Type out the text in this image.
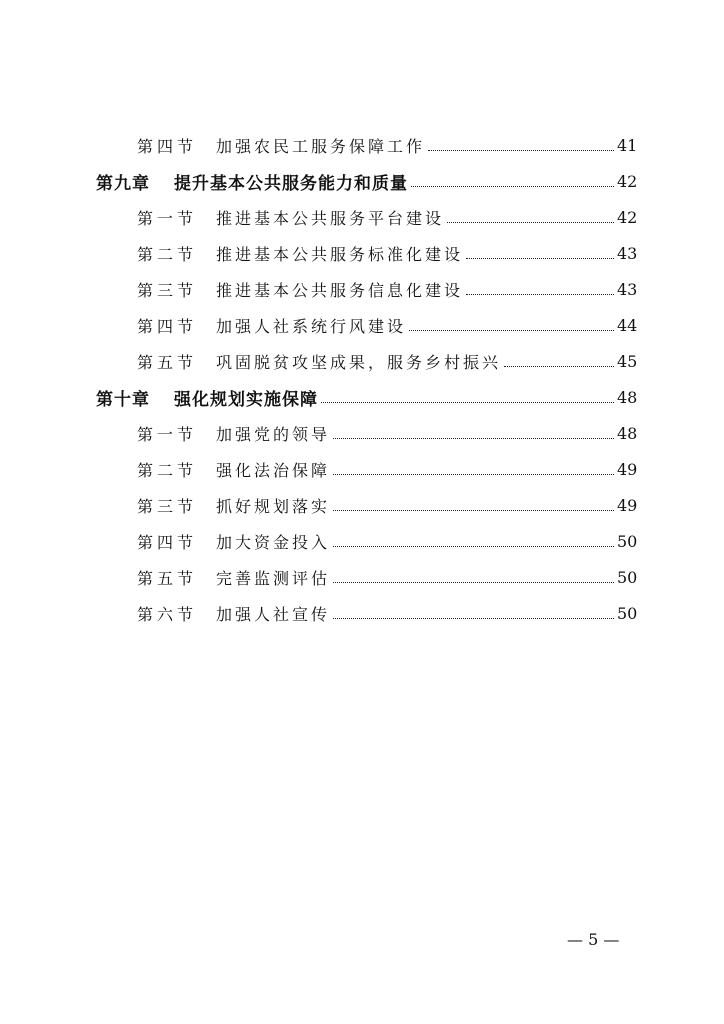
第四节	加强农民工服务保障工作	41
第九章	提升基本公共服务能力和质量	42
第一节	推进基本公共服务平台建设	42
第二节	推进基本公共服务标准化建设	43
第三节	推进基本公共服务信息化建设	43
第四节	加强人社系统行风建设	44
第五节	巩固脱贫攻坚成果，服务乡村振兴	45
第十章	强化规划实施保障	48
第一节	加强党的领导	48
第二节	强化法治保障	49
第三节	抓好规划落实	49
第四节	加大资金投入	50
第五节	完善监测评估	50
第六节	加强人社宣传	50
— 5 —
